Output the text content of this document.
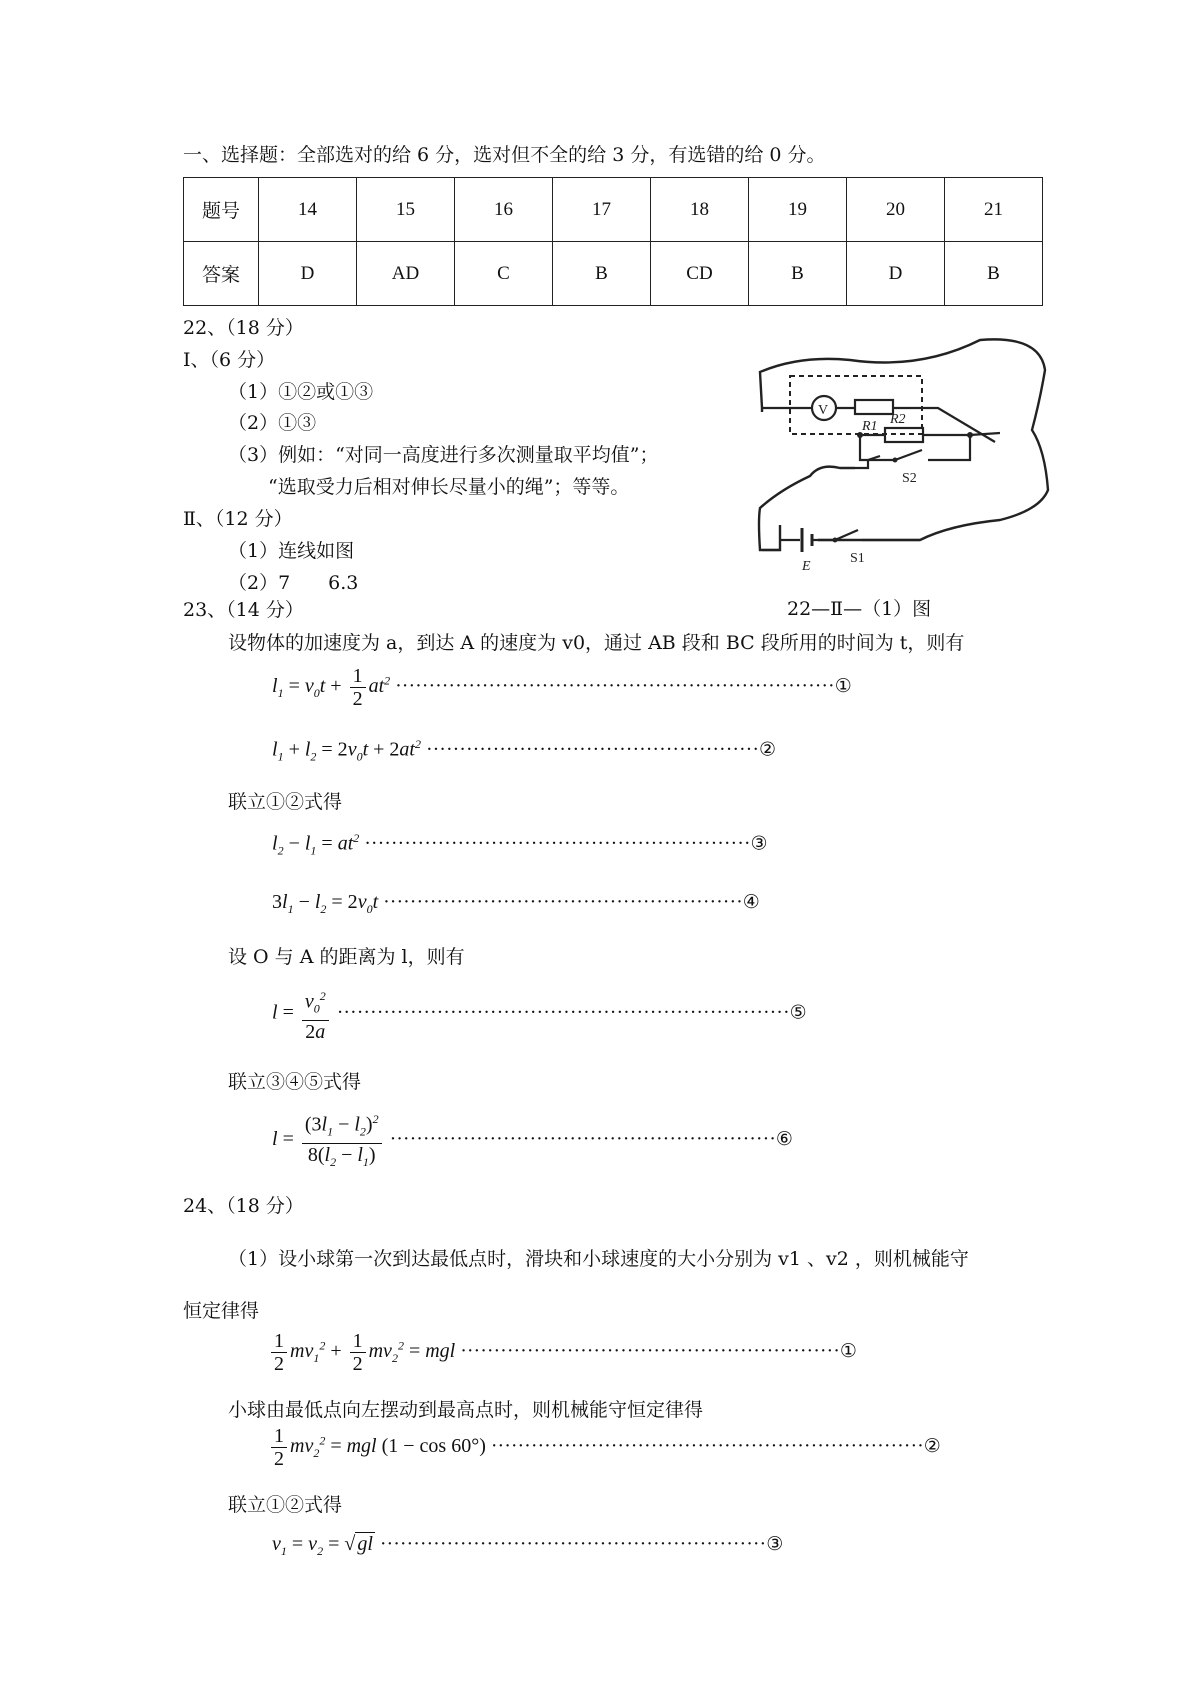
一、选择题：全部选对的给 6 分，选对但不全的给 3 分，有选错的给 0 分。
题号	14	15	16	17	18	19	20	21
答案	D	AD	C	B	CD	B	D	B
22、（18 分）
Ⅰ、（6 分）
（1）①②或①③
（2）①③
（3）例如：“对同一高度进行多次测量取平均值”；
“选取受力后相对伸长尽量小的绳”；等等。
Ⅱ、（12 分）
（1）连线如图
（2）7　　6.3
V
R1 R2
S2
E
S1
22—Ⅱ—（1）图
23、（14 分）
设物体的加速度为 a，到达 A 的速度为 v0，通过 AB 段和 BC 段所用的时间为 t，则有
$l_1 = v_0t + \frac{1}{2} at^2$ ··································································①
$l_1 + l_2 = 2v_0t + 2at^2$ ··················································②
联立①②式得
$l_2 - l_1 = at^2$ ··························································③
$3l_1 - l_2 = 2v_0t$ ······················································④
设 O 与 A 的距离为 l，则有
$l = \frac{v_0^2}{2a}$ ····································································⑤
联立③④⑤式得
$l = \frac{(3l_1 - l_2)^2}{8(l_2 - l_1)}$ ··························································⑥
24、（18 分）
（1）设小球第一次到达最低点时，滑块和小球速度的大小分别为 v1 、v2 ，则机械能守
恒定律得
$\frac{1}{2} mv_1^2 + \frac{1}{2} mv_2^2$ = mgl ·························································①
小球由最低点向左摆动到最高点时，则机械能守恒定律得
$\frac{1}{2} mv_2^2$ = mgl (1 − cos 60°) ·································································②
联立①②式得
$v_1 = v_2$ = √ gl ··························································③
